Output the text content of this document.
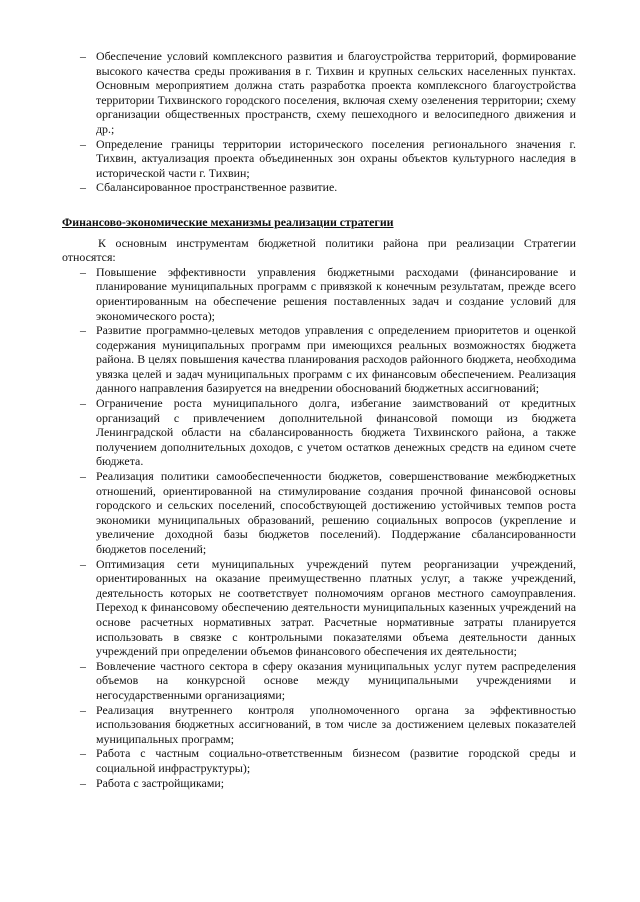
– Обеспечение условий комплексного развития и благоустройства территорий, формирование высокого качества среды проживания в г. Тихвин и крупных сельских населенных пунктах. Основным мероприятием должна стать разработка проекта комплексного благоустройства территории Тихвинского городского поселения, включая схему озеленения территории; схему организации общественных пространств, схему пешеходного и велосипедного движения и др.;
– Определение границы территории исторического поселения регионального значения г. Тихвин, актуализация проекта объединенных зон охраны объектов культурного наследия в исторической части г. Тихвин;
– Сбалансированное пространственное развитие.
Финансово-экономические механизмы реализации стратегии

К основным инструментам бюджетной политики района при реализации Стратегии относятся:

– Повышение эффективности управления бюджетными расходами (финансирование и планирование муниципальных программ с привязкой к конечным результатам, прежде всего ориентированным на обеспечение решения поставленных задач и создание условий для экономического роста);
– Развитие программно-целевых методов управления с определением приоритетов и оценкой содержания муниципальных программ при имеющихся реальных возможностях бюджета района. В целях повышения качества планирования расходов районного бюджета, необходима увязка целей и задач муниципальных программ с их финансовым обеспечением. Реализация данного направления базируется на внедрении обоснований бюджетных ассигнований;
– Ограничение роста муниципального долга, избегание заимствований от кредитных организаций с привлечением дополнительной финансовой помощи из бюджета Ленинградской области на сбалансированность бюджета Тихвинского района, а также получением дополнительных доходов, с учетом остатков денежных средств на едином счете бюджета.
– Реализация политики самообеспеченности бюджетов, совершенствование межбюджетных отношений, ориентированной на стимулирование создания прочной финансовой основы городского и сельских поселений, способствующей достижению устойчивых темпов роста экономики муниципальных образований, решению социальных вопросов (укрепление и увеличение доходной базы бюджетов поселений). Поддержание сбалансированности бюджетов поселений;
– Оптимизация сети муниципальных учреждений путем реорганизации учреждений, ориентированных на оказание преимущественно платных услуг, а также учреждений, деятельность которых не соответствует полномочиям органов местного самоуправления. Переход к финансовому обеспечению деятельности муниципальных казенных учреждений на основе расчетных нормативных затрат. Расчетные нормативные затраты планируется использовать в связке с контрольными показателями объема деятельности данных учреждений при определении объемов финансового обеспечения их деятельности;
– Вовлечение частного сектора в сферу оказания муниципальных услуг путем распределения объемов на конкурсной основе между муниципальными учреждениями и негосударственными организациями;
– Реализация внутреннего контроля уполномоченного органа за эффективностью использования бюджетных ассигнований, в том числе за достижением целевых показателей муниципальных программ;
– Работа с частным социально-ответственным бизнесом (развитие городской среды и социальной инфраструктуры);
– Работа с застройщиками;
